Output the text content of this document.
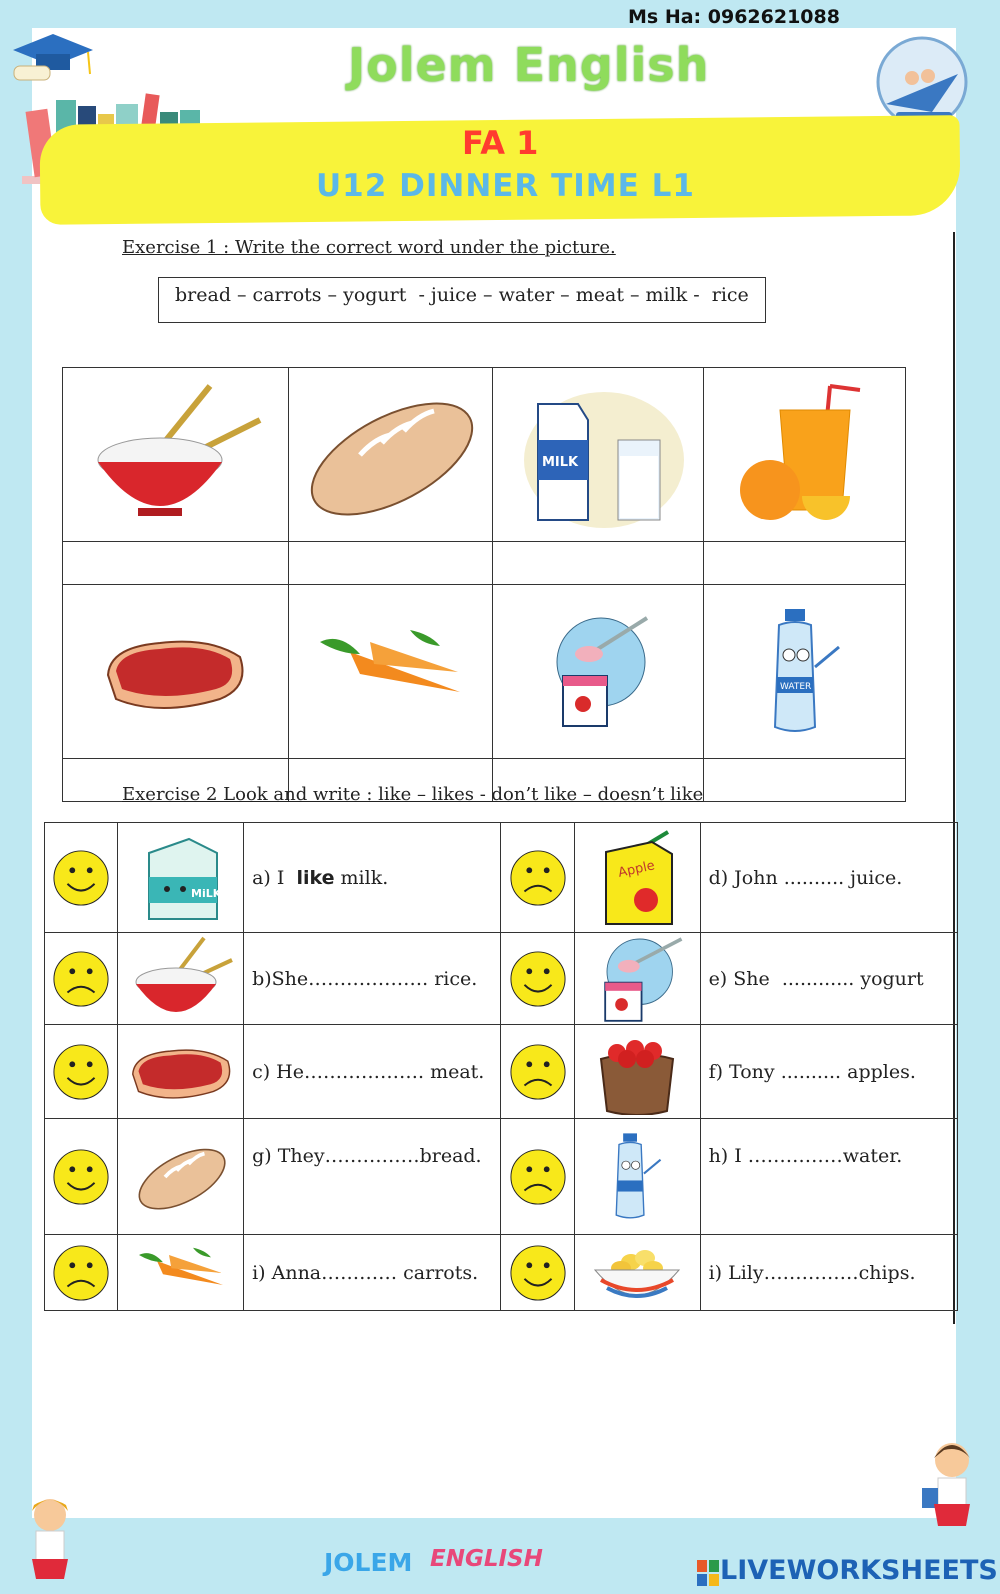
Ms Ha: 0962621088
Jolem English
FA 1
U12 DINNER TIME L1
Exercise 1 : Write the correct word under the picture.
bread – carrots – yogurt  - juice – water – meat – milk -  rice

MILK

WATER

Exercise 2 Look and write : like – likes - don’t like – doesn’t like

MiLK	a) I  like milk.		Apple	d) John .......... juice.
		b)She………………. rice.			e) She  ............ yogurt
		c) He………………. meat.			f) Tony .......... apples.
		g) They……………bread.			h) I ……………water.
		i) Anna………… carrots.			i) Lily……………chips.
JOLEM ENGLISH	LIVEWORKSHEETS
